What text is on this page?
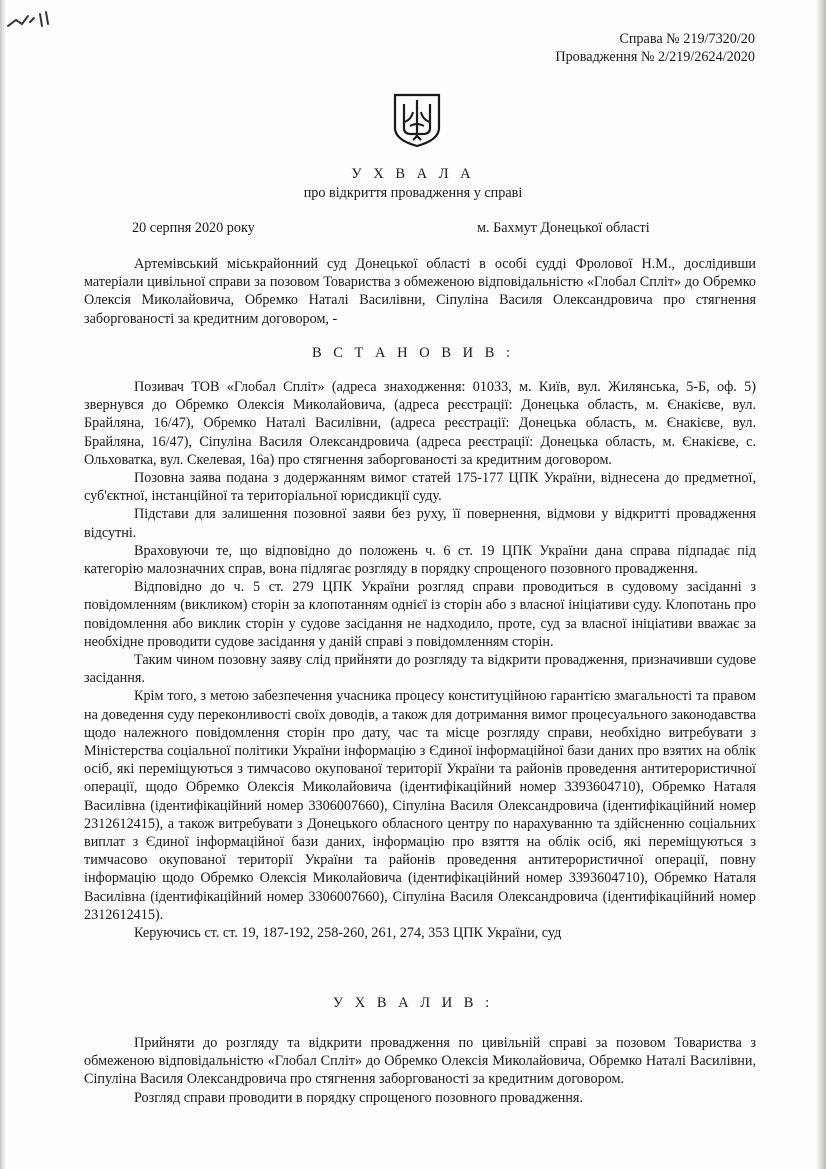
Справа № 219/7320/20
Провадження № 2/219/2624/2020
У Х В А Л А
про відкриття провадження у справі
20 серпня 2020 року	м. Бахмут Донецької області

Артемівський міськрайонний суд Донецької області в особі судді Фролової Н.М., дослідивши матеріали цивільної справи за позовом Товариства з обмеженою відповідальністю «Глобал Спліт» до Обремко Олексія Миколайовича, Обремко Наталі Василівни, Сіпуліна Василя Олександровича про стягнення заборгованості за кредитним договором, -

В С Т А Н О В И В :

Позивач ТОВ «Глобал Спліт» (адреса знаходження: 01033, м. Київ, вул. Жилянська, 5-Б, оф. 5) звернувся до Обремко Олексія Миколайовича, (адреса реєстрації: Донецька область, м. Єнакієве, вул. Брайляна, 16/47), Обремко Наталі Василівни, (адреса реєстрації: Донецька область, м. Єнакієве, вул. Брайляна, 16/47), Сіпуліна Василя Олександровича (адреса реєстрації: Донецька область, м. Єнакієве, с. Ольховатка, вул. Скелевая, 16а) про стягнення заборгованості за кредитним договором.

Позовна заява подана з додержанням вимог статей 175-177 ЦПК України, віднесена до предметної, суб'єктної, інстанційної та територіальної юрисдикції суду.

Підстави для залишення позовної заяви без руху, її повернення, відмови у відкритті провадження відсутні.

Враховуючи те, що відповідно до положень ч. 6 ст. 19 ЦПК України дана справа підпадає під категорію малозначних справ, вона підлягає розгляду в порядку спрощеного позовного провадження.

Відповідно до ч. 5 ст. 279 ЦПК України розгляд справи проводиться в судовому засіданні з повідомленням (викликом) сторін за клопотанням однієї із сторін або з власної ініціативи суду. Клопотань про повідомлення або виклик сторін у судове засідання не надходило, проте, суд за власної ініціативи вважає за необхідне проводити судове засідання у даній справі з повідомленням сторін.

Таким чином позовну заяву слід прийняти до розгляду та відкрити провадження, призначивши судове засідання.

Крім того, з метою забезпечення учасника процесу конституційною гарантією змагальності та правом на доведення суду переконливості своїх доводів, а також для дотримання вимог процесуального законодавства щодо належного повідомлення сторін про дату, час та місце розгляду справи, необхідно витребувати з Міністерства соціальної політики України інформацію з Єдиної інформаційної бази даних про взятих на облік осіб, які переміщуються з тимчасово окупованої території України та районів проведення антитерористичної операції, щодо Обремко Олексія Миколайовича (ідентифікаційний номер 3393604710), Обремко Наталя Василівна (ідентифікаційний номер 3306007660), Сіпуліна Василя Олександровича (ідентифікаційний номер 2312612415), а також витребувати з Донецького обласного центру по нарахуванню та здійсненню соціальних виплат з Єдиної інформаційної бази даних, інформацію про взяття на облік осіб, які переміщуються з тимчасово окупованої території України та районів проведення антитерористичної операції, повну інформацію щодо Обремко Олексія Миколайовича (ідентифікаційний номер 3393604710), Обремко Наталя Василівна (ідентифікаційний номер 3306007660), Сіпуліна Василя Олександровича (ідентифікаційний номер 2312612415).

Керуючись ст. ст. 19, 187-192, 258-260, 261, 274, 353 ЦПК України, суд

У Х В А Л И В :

Прийняти до розгляду та відкрити провадження по цивільній справі за позовом Товариства з обмеженою відповідальністю «Глобал Спліт» до Обремко Олексія Миколайовича, Обремко Наталі Василівни, Сіпуліна Василя Олександровича про стягнення заборгованості за кредитним договором.

Розгляд справи проводити в порядку спрощеного позовного провадження.
